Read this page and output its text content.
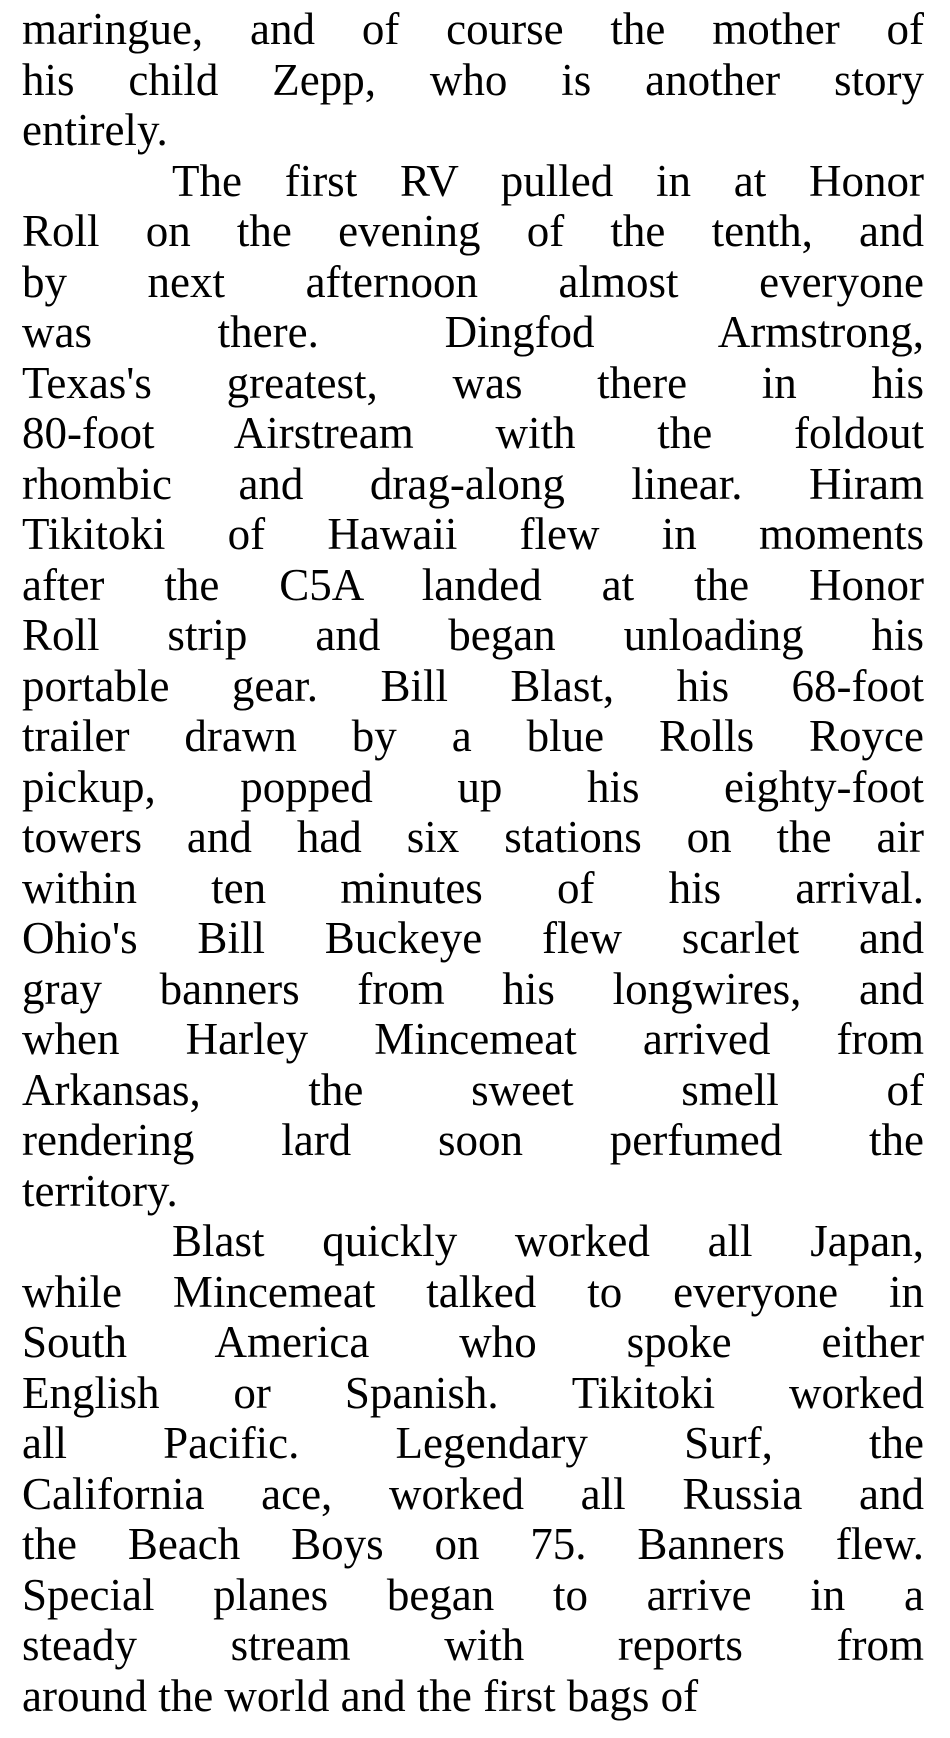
maringue, and of course the mother of
his child Zepp, who is another story
entirely.

The first RV pulled in at Honor
Roll on the evening of the tenth, and
by next afternoon almost everyone
was there. Dingfod Armstrong,
Texas's greatest, was there in his
80-foot Airstream with the foldout
rhombic and drag-along linear. Hiram
Tikitoki of Hawaii flew in moments
after the C5A landed at the Honor
Roll strip and began unloading his
portable gear. Bill Blast, his 68-foot
trailer drawn by a blue Rolls Royce
pickup, popped up his eighty-foot
towers and had six stations on the air
within ten minutes of his arrival.
Ohio's Bill Buckeye flew scarlet and
gray banners from his longwires, and
when Harley Mincemeat arrived from
Arkansas, the sweet smell of
rendering lard soon perfumed the
territory.

Blast quickly worked all Japan,
while Mincemeat talked to everyone in
South America who spoke either
English or Spanish. Tikitoki worked
all Pacific. Legendary Surf, the
California ace, worked all Russia and
the Beach Boys on 75. Banners flew.
Special planes began to arrive in a
steady stream with reports from
around the world and the first bags of
